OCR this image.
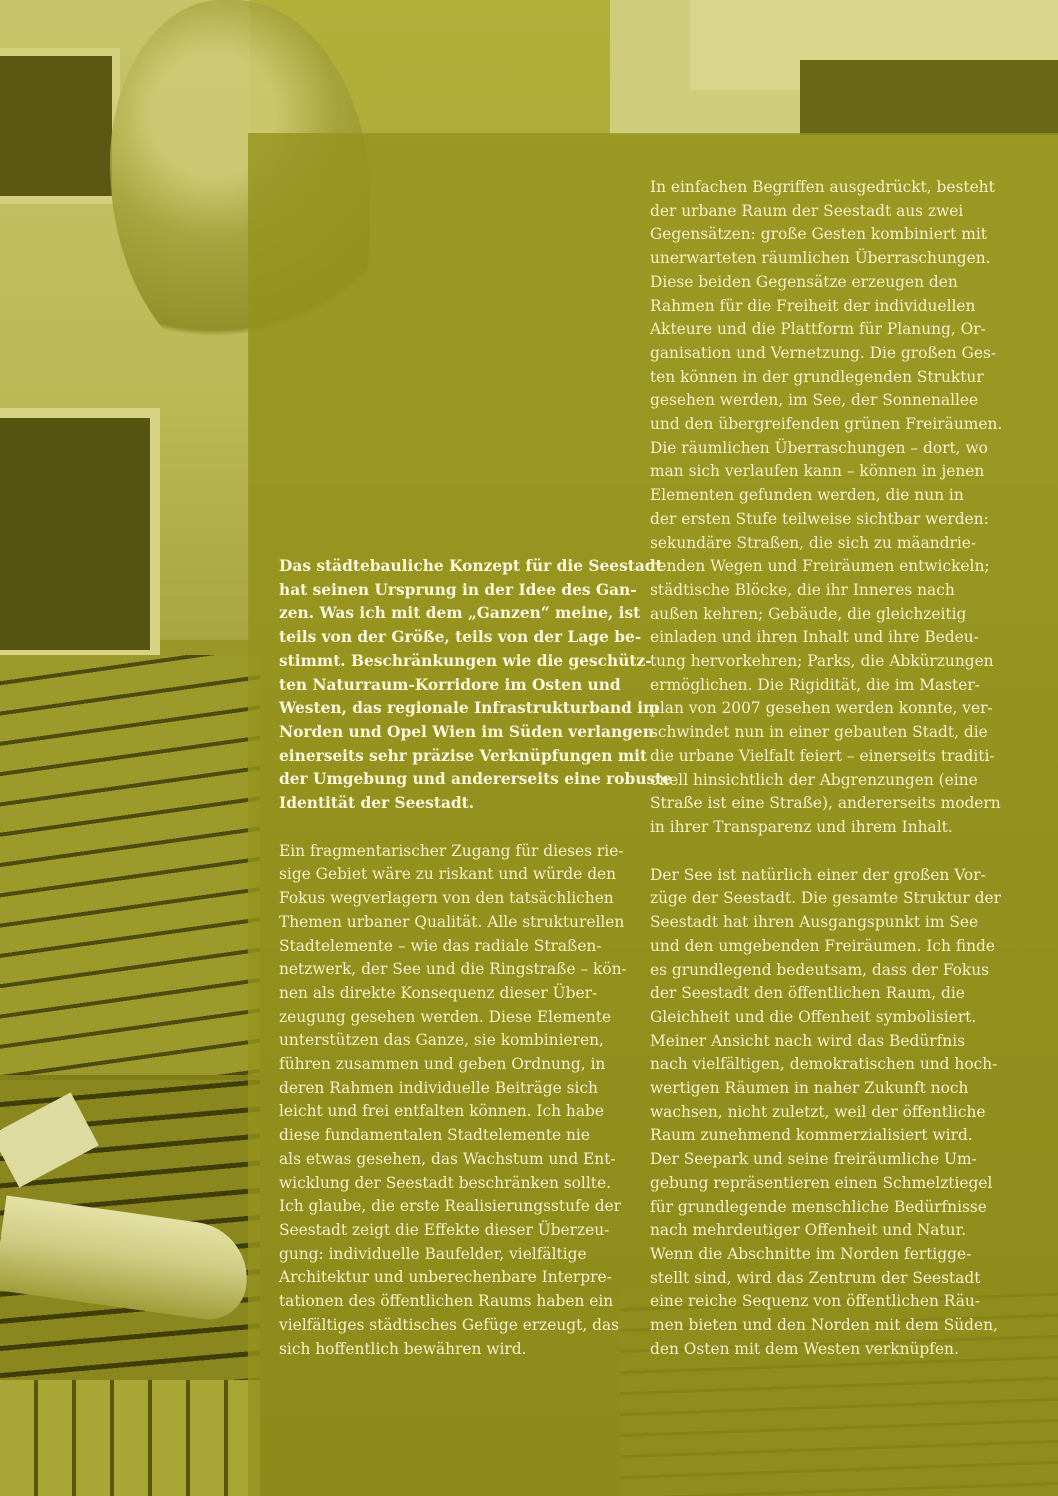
Das städtebauliche Konzept für die Seestadt

hat seinen Ursprung in der Idee des Gan-

zen. Was ich mit dem „Ganzen“ meine, ist

teils von der Größe, teils von der Lage be-

stimmt. Beschränkungen wie die geschütz-

ten Naturraum-Korridore im Osten und

Westen, das regionale Infrastrukturband im

Norden und Opel Wien im Süden verlangen

einerseits sehr präzise Verknüpfungen mit

der Umgebung und andererseits eine robuste

Identität der Seestadt.

Ein fragmentarischer Zugang für dieses rie-

sige Gebiet wäre zu riskant und würde den

Fokus wegverlagern von den tatsächlichen

Themen urbaner Qualität. Alle strukturellen

Stadtelemente – wie das radiale Straßen-

netzwerk, der See und die Ringstraße – kön-

nen als direkte Konsequenz dieser Über-

zeugung gesehen werden. Diese Elemente

unterstützen das Ganze, sie kombinieren,

führen zusammen und geben Ordnung, in

deren Rahmen individuelle Beiträge sich

leicht und frei entfalten können. Ich habe

diese fundamentalen Stadtelemente nie

als etwas gesehen, das Wachstum und Ent-

wicklung der Seestadt beschränken sollte.

Ich glaube, die erste Realisierungsstufe der

Seestadt zeigt die Effekte dieser Überzeu-

gung: individuelle Baufelder, vielfältige

Architektur und unberechenbare Interpre-

tationen des öffentlichen Raums haben ein

vielfältiges städtisches Gefüge erzeugt, das

sich hoffentlich bewähren wird.

In einfachen Begriffen ausgedrückt, besteht

der urbane Raum der Seestadt aus zwei

Gegensätzen: große Gesten kombiniert mit

unerwarteten räumlichen Überraschungen.

Diese beiden Gegensätze erzeugen den

Rahmen für die Freiheit der individuellen

Akteure und die Plattform für Planung, Or-

ganisation und Vernetzung. Die großen Ges-

ten können in der grundlegenden Struktur

gesehen werden, im See, der Sonnenallee

und den übergreifenden grünen Freiräumen.

Die räumlichen Überraschungen – dort, wo

man sich verlaufen kann – können in jenen

Elementen gefunden werden, die nun in

der ersten Stufe teilweise sichtbar werden:

sekundäre Straßen, die sich zu mäandrie-

renden Wegen und Freiräumen entwickeln;

städtische Blöcke, die ihr Inneres nach

außen kehren; Gebäude, die gleichzeitig

einladen und ihren Inhalt und ihre Bedeu-

tung hervorkehren; Parks, die Abkürzungen

ermöglichen. Die Rigidität, die im Master-

plan von 2007 gesehen werden konnte, ver-

schwindet nun in einer gebauten Stadt, die

die urbane Vielfalt feiert – einerseits traditi-

onell hinsichtlich der Abgrenzungen (eine

Straße ist eine Straße), andererseits modern

in ihrer Transparenz und ihrem Inhalt.

Der See ist natürlich einer der großen Vor-

züge der Seestadt. Die gesamte Struktur der

Seestadt hat ihren Ausgangspunkt im See

und den umgebenden Freiräumen. Ich finde

es grundlegend bedeutsam, dass der Fokus

der Seestadt den öffentlichen Raum, die

Gleichheit und die Offenheit symbolisiert.

Meiner Ansicht nach wird das Bedürfnis

nach vielfältigen, demokratischen und hoch-

wertigen Räumen in naher Zukunft noch

wachsen, nicht zuletzt, weil der öffentliche

Raum zunehmend kommerzialisiert wird.

Der Seepark und seine freiräumliche Um-

gebung repräsentieren einen Schmelztiegel

für grundlegende menschliche Bedürfnisse

nach mehrdeutiger Offenheit und Natur.

Wenn die Abschnitte im Norden fertigge-

stellt sind, wird das Zentrum der Seestadt

eine reiche Sequenz von öffentlichen Räu-

men bieten und den Norden mit dem Süden,

den Osten mit dem Westen verknüpfen.
